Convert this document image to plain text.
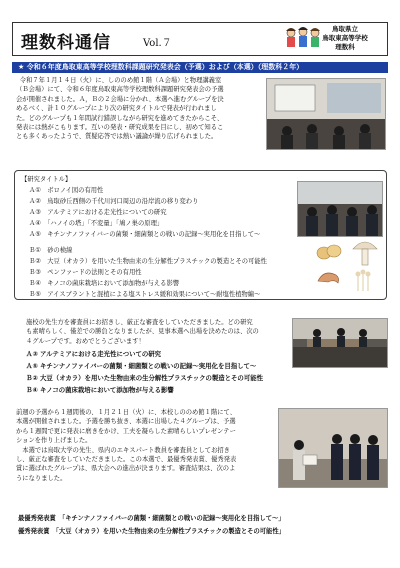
理数科通信	Vol.７
鳥取県立
鳥取東高等学校
理数科
★ 令和６年度鳥取東高等学校理数科課題研究発表会（予選）および（本選）（理数科２年）
令和７年１月１４日（火）に、しののめ館１階（Ａ会場）と物理講義室
（Ｂ会場）にて、令和６年度鳥取東高等学校理数科課題研究発表会の予選
会が開催されました。Ａ，Ｂの２会場に分かれ、本選へ進むグループを決
めるべく、計１０グループにより次の研究タイトルで発表が行われまし
た。どのグループも１年間試行錯誤しながら研究を進めてきたからこそ、
発表には熱がこもります。互いの発表・研究成果を目にし、初めて知るこ
とも多くあったようで、質疑応答では熱い議論が繰り広げられました。
【研究タイトル】
Ａ①　ボロノイ図の有用性
Ａ②　鳥取砂丘西側の千代川河口周辺の沿岸流の移り変わり
Ａ③　アルテミアにおける走光性についての研究
Ａ④　「ハノイの塔」「不変量」「鳩ノ巣の原理」
Ａ⑤　キチンナノファイバーの菌類・細菌類との戦いの記録～実用化を目指して～
Ｂ①　砂の検線
Ｂ②　大豆（オカラ）を用いた生物由来の生分解性プラスチックの製造とその可能性
Ｂ③　ペンファードの法則とその有用性
Ｂ④　キノコの菌床栽培において添加物が与える影響
Ｂ⑤　アイスブラントと混植による塩ストレス緩和効果について～耐塩性植物編～
施校の先生方を審査員にお招きし、厳正な審査をしていただきました。どの研究
も素晴らしく、僅差での勝負となりましたが、見事本選へ出場を決めたのは、次の
４グループです。おめでとうございます！
Ａ③ アルテミアにおける走光性についての研究
Ａ⑤ キチンナノファイバーの菌類・細菌類との戦いの記録～実用化を目指して～
Ｂ② 大豆（オカラ）を用いた生物由来の生分解性プラスチックの製造とその可能性
Ｂ④ キノコの菌床栽培において添加物が与える影響
前週の予選から１週間後の、１月２１日（火）に、本校しののめ館１階にて、
本選が開催されました。予選を勝ち抜き、本選に出場した４グループは、予選
から１週間で更に発表に磨きをかけ、工夫を凝らした素晴らしいプレゼンテー
ションを作り上げました。
　本選では鳥取大学の先生、県内のエキスパート教員を審査員としてお招き
し、厳正な審査をしていただきました。この本選で、最優秀発表賞、優秀発表
賞に選ばれたグループは、県大会への進出が決まります。審査結果は、次のよ
うになりました。
最優秀発表賞　「キチンナノファイバーの菌類・細菌類との戦いの記録～実用化を目指して～」
優秀発表賞　「大豆（オカラ）を用いた生物由来の生分解性プラスチックの製造とその可能性」
